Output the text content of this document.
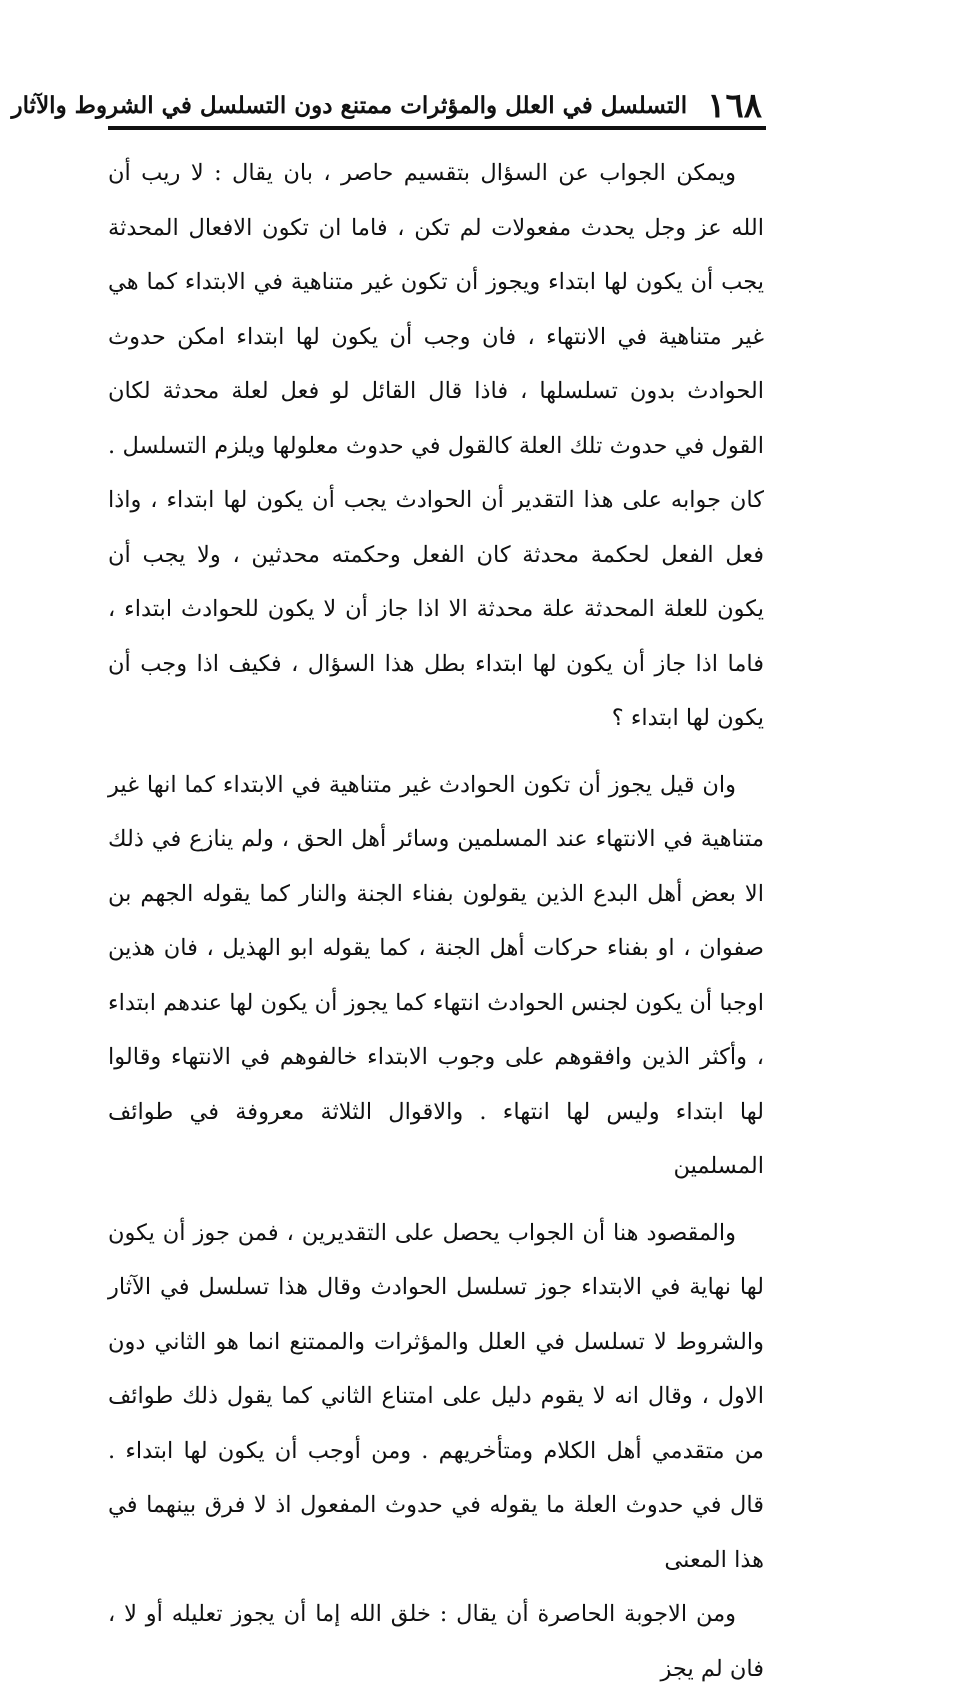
١٦٨
التسلسل في العلل والمؤثرات ممتنع دون التسلسل في الشروط والآثار

ويمكن الجواب عن السؤال بتقسيم حاصر ، بان يقال : لا ريب أن الله عز وجل يحدث مفعولات لم تكن ، فاما ان تكون الافعال المحدثة يجب أن يكون لها ابتداء ويجوز أن تكون غير متناهية في الابتداء كما هي غير متناهية في الانتهاء ، فان وجب أن يكون لها ابتداء امكن حدوث الحوادث بدون تسلسلها ، فاذا قال القائل لو فعل لعلة محدثة لكان القول في حدوث تلك العلة كالقول في حدوث معلولها ويلزم التسلسل . كان جوابه على هذا التقدير أن الحوادث يجب أن يكون لها ابتداء ، واذا فعل الفعل لحكمة محدثة كان الفعل وحكمته محدثين ، ولا يجب أن يكون للعلة المحدثة علة محدثة الا اذا جاز أن لا يكون للحوادث ابتداء ، فاما اذا جاز أن يكون لها ابتداء بطل هذا السؤال ، فكيف اذا وجب أن يكون لها ابتداء ؟

وان قيل يجوز أن تكون الحوادث غير متناهية في الابتداء كما انها غير متناهية في الانتهاء عند المسلمين وسائر أهل الحق ، ولم ينازع في ذلك الا بعض أهل البدع الذين يقولون بفناء الجنة والنار كما يقوله الجهم بن صفوان ، او بفناء حركات أهل الجنة ، كما يقوله ابو الهذيل ، فان هذين اوجبا أن يكون لجنس الحوادث انتهاء كما يجوز أن يكون لها عندهم ابتداء ، وأكثر الذين وافقوهم على وجوب الابتداء خالفوهم في الانتهاء وقالوا لها ابتداء وليس لها انتهاء . والاقوال الثلاثة معروفة في طوائف المسلمين

والمقصود هنا أن الجواب يحصل على التقديرين ، فمن جوز أن يكون لها نهاية في الابتداء جوز تسلسل الحوادث وقال هذا تسلسل في الآثار والشروط لا تسلسل في العلل والمؤثرات والممتنع انما هو الثاني دون الاول ، وقال انه لا يقوم دليل على امتناع الثاني كما يقول ذلك طوائف من متقدمي أهل الكلام ومتأخريهم . ومن أوجب أن يكون لها ابتداء . قال في حدوث العلة ما يقوله في حدوث المفعول اذ لا فرق بينهما في هذا المعنى

ومن الاجوبة الحاصرة أن يقال : خلق الله إما أن يجوز تعليله أو لا ، فان لم يجز
